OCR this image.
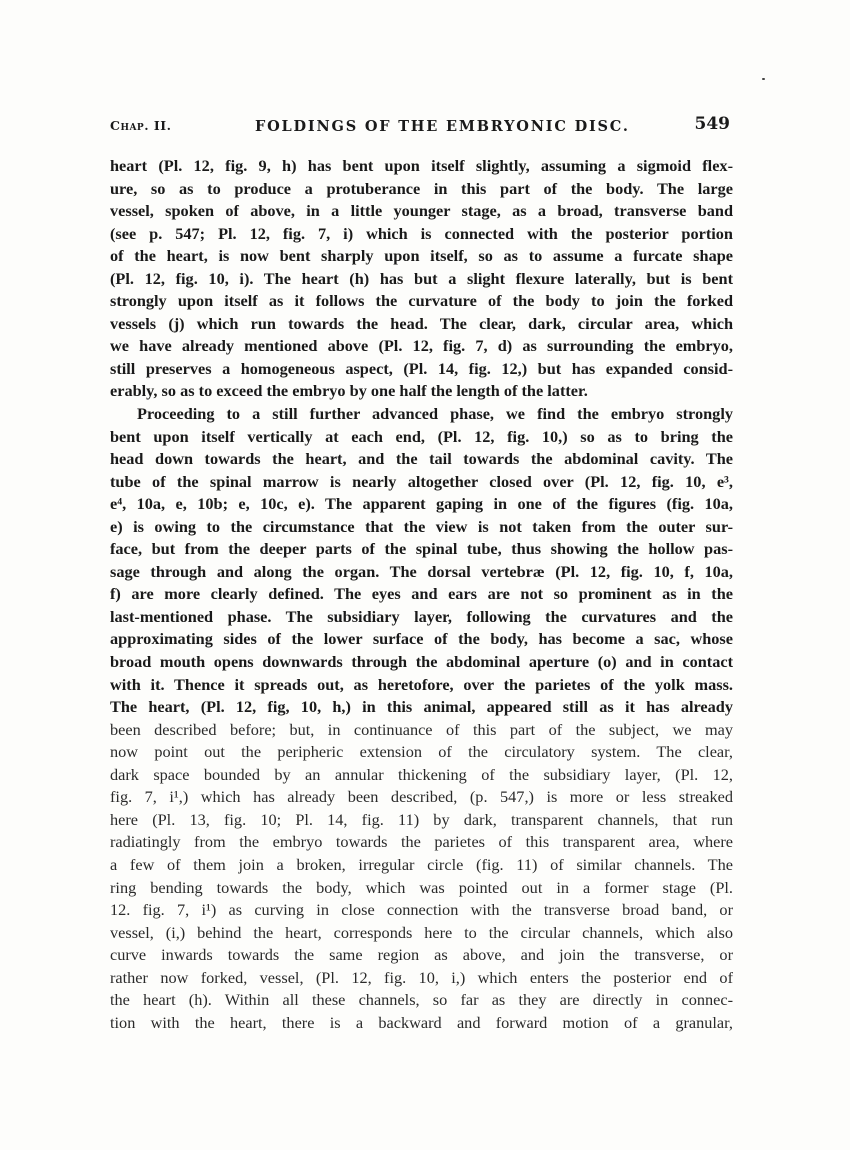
Chap. II.	FOLDINGS OF THE EMBRYONIC DISC.	549
heart (Pl. 12, fig. 9, h) has bent upon itself slightly, assuming a sigmoid flex-
ure, so as to produce a protuberance in this part of the body. The large
vessel, spoken of above, in a little younger stage, as a broad, transverse band
(see p. 547; Pl. 12, fig. 7, i) which is connected with the posterior portion
of the heart, is now bent sharply upon itself, so as to assume a furcate shape
(Pl. 12, fig. 10, i). The heart (h) has but a slight flexure laterally, but is bent
strongly upon itself as it follows the curvature of the body to join the forked
vessels (j) which run towards the head. The clear, dark, circular area, which
we have already mentioned above (Pl. 12, fig. 7, d) as surrounding the embryo,
still preserves a homogeneous aspect, (Pl. 14, fig. 12,) but has expanded consid-
erably, so as to exceed the embryo by one half the length of the latter.
Proceeding to a still further advanced phase, we find the embryo strongly
bent upon itself vertically at each end, (Pl. 12, fig. 10,) so as to bring the
head down towards the heart, and the tail towards the abdominal cavity. The
tube of the spinal marrow is nearly altogether closed over (Pl. 12, fig. 10, e³,
e⁴, 10a, e, 10b; e, 10c, e). The apparent gaping in one of the figures (fig. 10a,
e) is owing to the circumstance that the view is not taken from the outer sur-
face, but from the deeper parts of the spinal tube, thus showing the hollow pas-
sage through and along the organ. The dorsal vertebræ (Pl. 12, fig. 10, f, 10a,
f) are more clearly defined. The eyes and ears are not so prominent as in the
last-mentioned phase. The subsidiary layer, following the curvatures and the
approximating sides of the lower surface of the body, has become a sac, whose
broad mouth opens downwards through the abdominal aperture (o) and in contact
with it. Thence it spreads out, as heretofore, over the parietes of the yolk mass.
The heart, (Pl. 12, fig, 10, h,) in this animal, appeared still as it has already
been described before; but, in continuance of this part of the subject, we may
now point out the peripheric extension of the circulatory system. The clear,
dark space bounded by an annular thickening of the subsidiary layer, (Pl. 12,
fig. 7, i¹,) which has already been described, (p. 547,) is more or less streaked
here (Pl. 13, fig. 10; Pl. 14, fig. 11) by dark, transparent channels, that run
radiatingly from the embryo towards the parietes of this transparent area, where
a few of them join a broken, irregular circle (fig. 11) of similar channels. The
ring bending towards the body, which was pointed out in a former stage (Pl.
12. fig. 7, i¹) as curving in close connection with the transverse broad band, or
vessel, (i,) behind the heart, corresponds here to the circular channels, which also
curve inwards towards the same region as above, and join the transverse, or
rather now forked, vessel, (Pl. 12, fig. 10, i,) which enters the posterior end of
the heart (h). Within all these channels, so far as they are directly in connec-
tion with the heart, there is a backward and forward motion of a granular,
